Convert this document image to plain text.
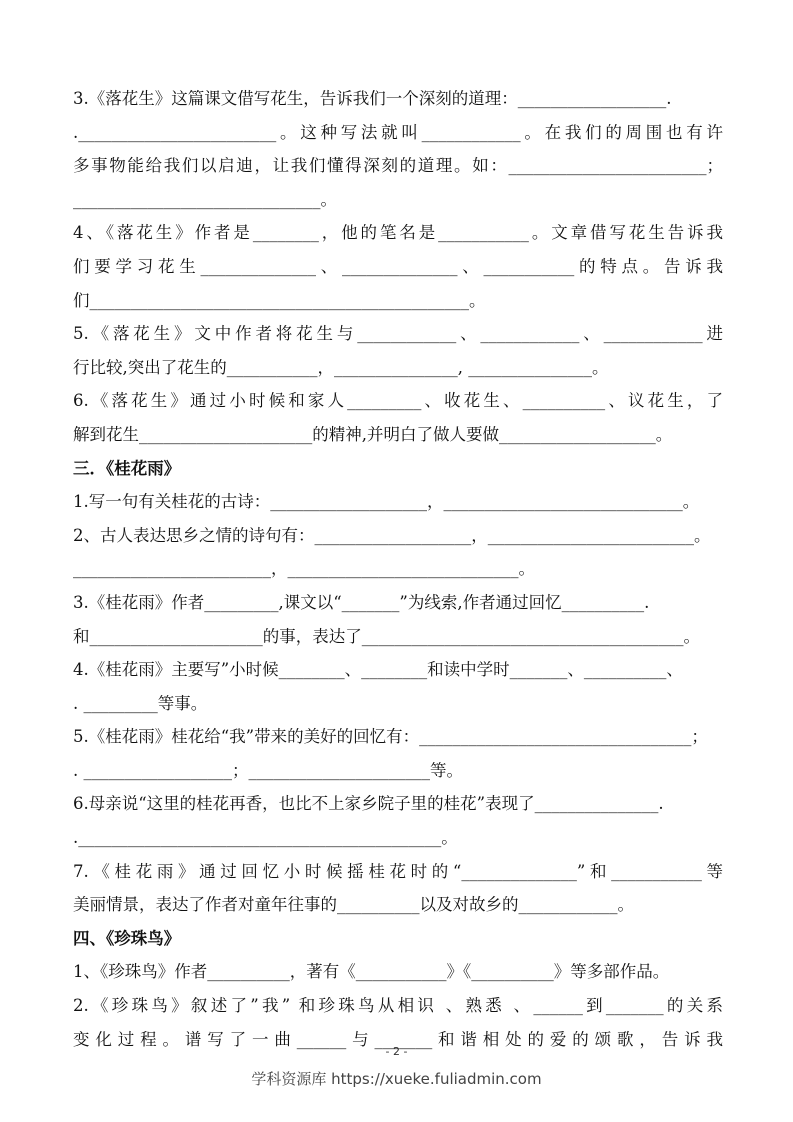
3.《落花生》这篇课文借写花生，告诉我们一个深刻的道理：__________________.
.________________________。这种写法就叫____________。在我们的周围也有许
多事物能给我们以启迪，让我们懂得深刻的道理。如：________________________；
______________________________。
4、《落花生》作者是________，他的笔名是___________。文章借写花生告诉我
们要学习花生______________、______________、___________的特点。告诉我
们______________________________________________。
5.《落花生》文中作者将花生与____________、____________、____________进
行比较,突出了花生的___________，_______________, _______________。
6.《落花生》通过小时候和家人_________、收花生、__________、议花生，了
解到花生_____________________的精神,并明白了做人要做___________________。
三．《桂花雨》
1.写一句有关桂花的古诗：___________________，_____________________________。
2、古人表达思乡之情的诗句有：___________________，_________________________。
________________________，____________________________。
3.《桂花雨》作者_________,课文以“_______”为线索,作者通过回忆__________.
和_____________________的事，表达了_______________________________________。
4.《桂花雨》主要写”小时候________、________和读中学时_______、__________、
. _________等事。
5.《桂花雨》桂花给“我”带来的美好的回忆有：_________________________________；
. __________________；______________________等。
6.母亲说“这里的桂花再香，也比不上家乡院子里的桂花”表现了_______________.
.____________________________________________。
7.《桂花雨》通过回忆小时候摇桂花时的“______________”和___________等
美丽情景，表达了作者对童年往事的__________以及对故乡的____________。
四、《珍珠鸟》
1、《珍珠鸟》作者__________，著有《___________》《__________》等多部作品。
2.《珍珠鸟》叙述了”我” 和珍珠鸟从相识 、熟悉 、______到_______的关系
变化过程。谱写了一曲______与_______和谐相处的爱的颂歌，告诉我
- 2 -
学科资源库 https://xueke.fuliadmin.com
